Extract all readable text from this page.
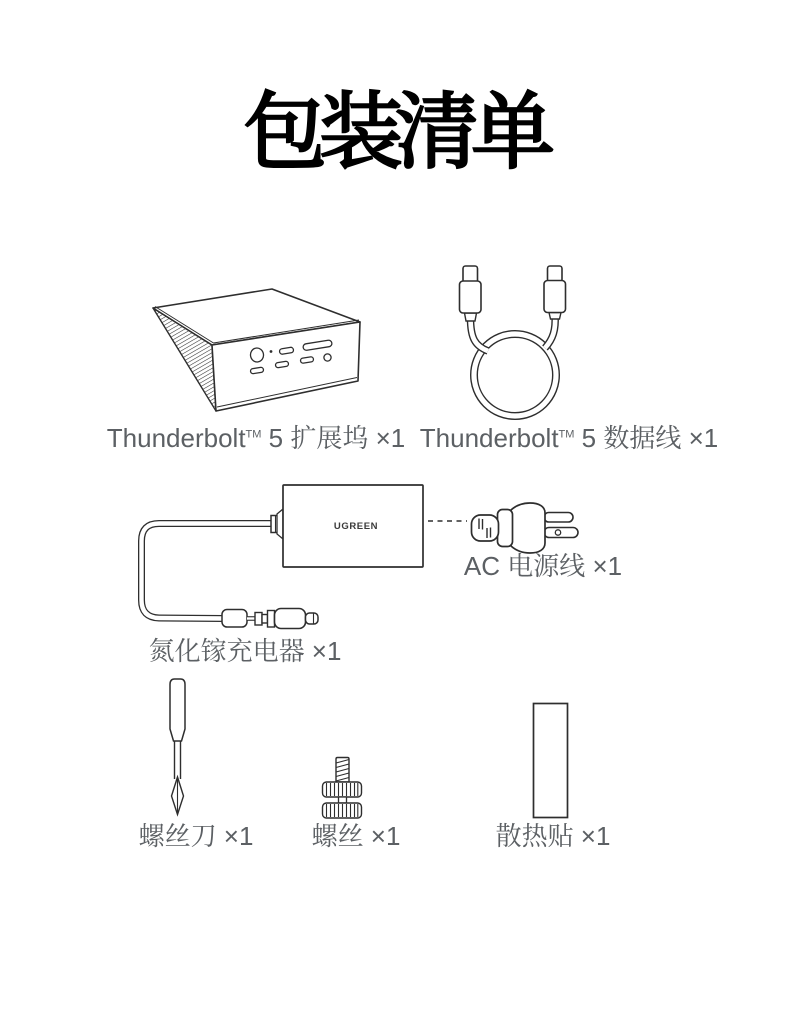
包装清单
UGREEN
Thunderbolt™ 5 扩展坞 ×1 Thunderbolt™ 5 数据线 ×1
AC 电源线 ×1
氮化镓充电器 ×1
螺丝刀 ×1 螺丝 ×1	散热贴 ×1
